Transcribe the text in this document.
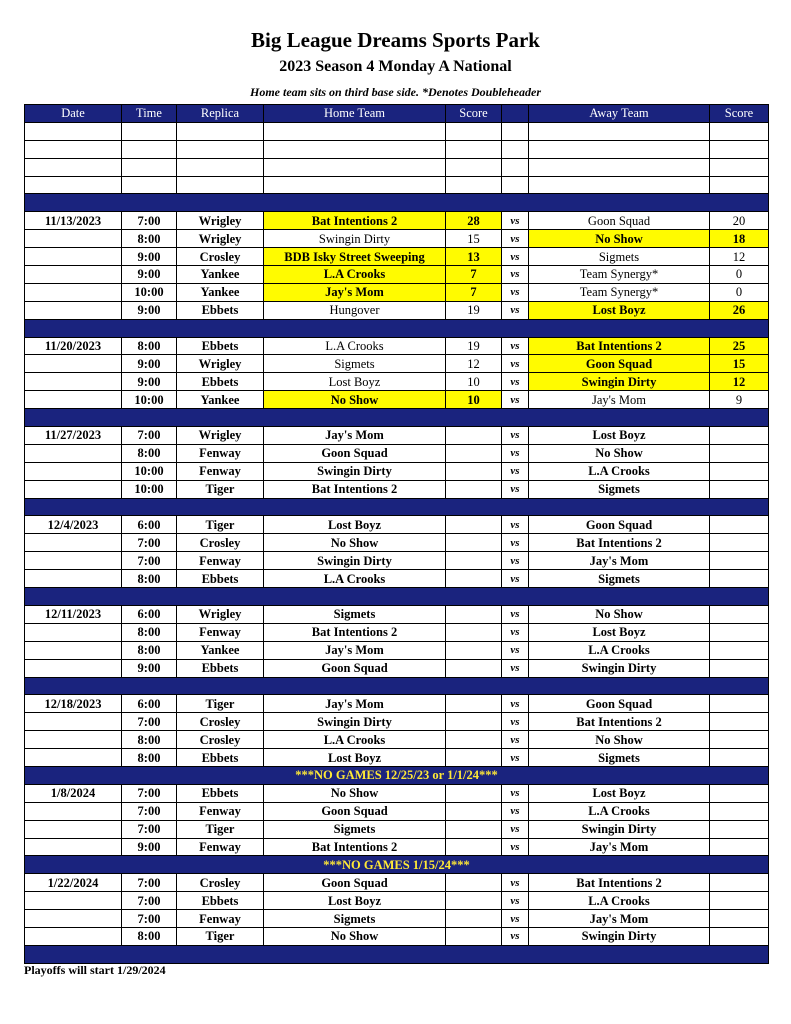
Big League Dreams Sports Park
2023 Season 4 Monday A National
Home team sits on third base side. *Denotes Doubleheader
Date	Time	Replica	Home Team	Score		Away Team	Score

11/13/2023	7:00	Wrigley	Bat Intentions 2	28	vs	Goon Squad	20
	8:00	Wrigley	Swingin Dirty	15	vs	No Show	18
	9:00	Crosley	BDB Isky Street Sweeping	13	vs	Sigmets	12
	9:00	Yankee	L.A Crooks	7	vs	Team Synergy*	0
	10:00	Yankee	Jay's Mom	7	vs	Team Synergy*	0
	9:00	Ebbets	Hungover	19	vs	Lost Boyz	26

11/20/2023	8:00	Ebbets	L.A Crooks	19	vs	Bat Intentions 2	25
	9:00	Wrigley	Sigmets	12	vs	Goon Squad	15
	9:00	Ebbets	Lost Boyz	10	vs	Swingin Dirty	12
	10:00	Yankee	No Show	10	vs	Jay's Mom	9

11/27/2023	7:00	Wrigley	Jay's Mom		vs	Lost Boyz	
	8:00	Fenway	Goon Squad		vs	No Show	
	10:00	Fenway	Swingin Dirty		vs	L.A Crooks	
	10:00	Tiger	Bat Intentions 2		vs	Sigmets	

12/4/2023	6:00	Tiger	Lost Boyz		vs	Goon Squad	
	7:00	Crosley	No Show		vs	Bat Intentions 2	
	7:00	Fenway	Swingin Dirty		vs	Jay's Mom	
	8:00	Ebbets	L.A Crooks		vs	Sigmets	

12/11/2023	6:00	Wrigley	Sigmets		vs	No Show	
	8:00	Fenway	Bat Intentions 2		vs	Lost Boyz	
	8:00	Yankee	Jay's Mom		vs	L.A Crooks	
	9:00	Ebbets	Goon Squad		vs	Swingin Dirty	

12/18/2023	6:00	Tiger	Jay's Mom		vs	Goon Squad	
	7:00	Crosley	Swingin Dirty		vs	Bat Intentions 2	
	8:00	Crosley	L.A Crooks		vs	No Show	
	8:00	Ebbets	Lost Boyz		vs	Sigmets	
***NO GAMES 12/25/23 or 1/1/24***							
1/8/2024	7:00	Ebbets	No Show		vs	Lost Boyz	
	7:00	Fenway	Goon Squad		vs	L.A Crooks	
	7:00	Tiger	Sigmets		vs	Swingin Dirty	
	9:00	Fenway	Bat Intentions 2		vs	Jay's Mom	
***NO GAMES 1/15/24***							
1/22/2024	7:00	Crosley	Goon Squad		vs	Bat Intentions 2	
	7:00	Ebbets	Lost Boyz		vs	L.A Crooks	
	7:00	Fenway	Sigmets		vs	Jay's Mom	
	8:00	Tiger	No Show		vs	Swingin Dirty	

Playoffs will start 1/29/2024
